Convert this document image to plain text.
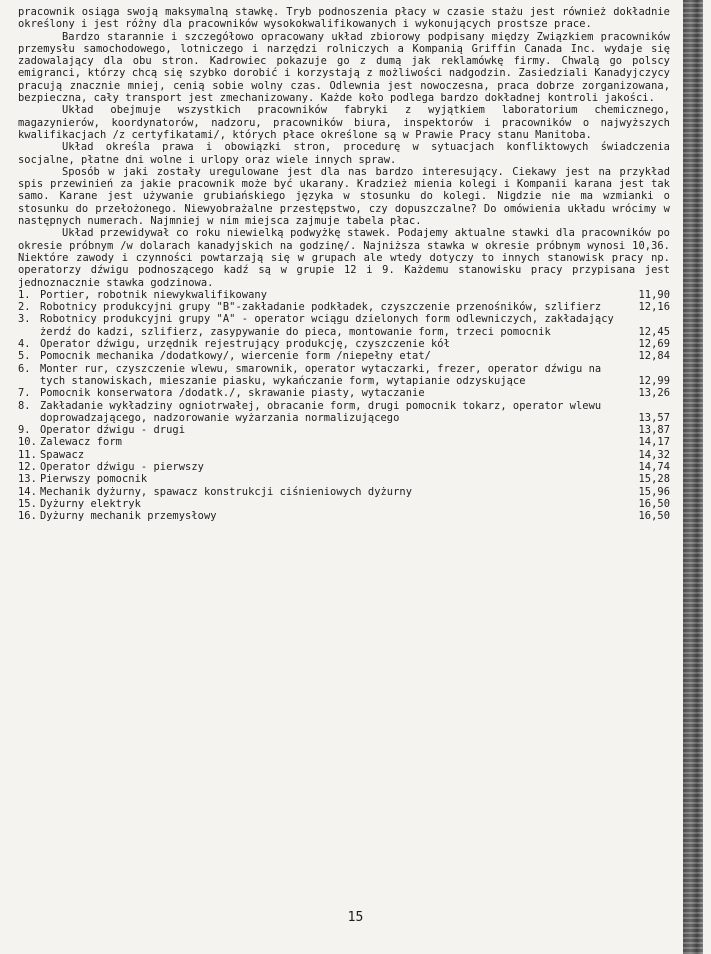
pracownik osiąga swoją maksymalną stawkę. Tryb podnoszenia płacy w czasie stażu jest również dokładnie określony i jest różny dla pracowników wysokokwalifikowanych i wykonujących prostsze prace.

Bardzo starannie i szczegółowo opracowany układ zbiorowy podpisany między Związkiem pracowników przemysłu samochodowego, lotniczego i narzędzi rolniczych a Kompanią Griffin Canada Inc. wydaje się zadowalający dla obu stron. Kadrowiec pokazuje go z dumą jak reklamówkę firmy. Chwalą go polscy emigranci, którzy chcą się szybko dorobić i korzystają z możliwości nadgodzin. Zasiedziali Kanadyjczycy pracują znacznie mniej, cenią sobie wolny czas. Odlewnia jest nowoczesna, praca dobrze zorganizowana, bezpieczna, cały transport jest zmechanizowany. Każde koło podlega bardzo dokładnej kontroli jakości.

Układ obejmuje wszystkich pracowników fabryki z wyjątkiem laboratorium chemicznego, magazynierów, koordynatorów, nadzoru, pracowników biura, inspektorów i pracowników o najwyższych kwalifikacjach /z certyfikatami/, których płace określone są w Prawie Pracy stanu Manitoba.

Układ określa prawa i obowiązki stron, procedurę w sytuacjach konfliktowych świadczenia socjalne, płatne dni wolne i urlopy oraz wiele innych spraw.

Sposób w jaki zostały uregulowane jest dla nas bardzo interesujący. Ciekawy jest na przykład spis przewinień za jakie pracownik może być ukarany. Kradzież mienia kolegi i Kompanii karana jest tak samo. Karane jest używanie grubiańskiego języka w stosunku do kolegi. Nigdzie nie ma wzmianki o stosunku do przełożonego. Niewyobrażalne przestępstwo, czy dopuszczalne? Do omówienia układu wrócimy w następnych numerach. Najmniej w nim miejsca zajmuje tabela płac.

Układ przewidywał co roku niewielką podwyżkę stawek. Podajemy aktualne stawki dla pracowników po okresie próbnym /w dolarach kanadyjskich na godzinę/. Najniższa stawka w okresie próbnym wynosi 10,36. Niektóre zawody i czynności powtarzają się w grupach ale wtedy dotyczy to innych stanowisk pracy np. operatorzy dźwigu podnoszącego kadź są w grupie 12 i 9. Każdemu stanowisku pracy przypisana jest jednoznacznie stawka godzinowa.

1. Portier, robotnik niewykwalifikowany	11,90
2. Robotnicy produkcyjni grupy "B"-zakładanie podkładek, czyszczenie przenośników, szlifierz	12,16
3. Robotnicy produkcyjni grupy "A" - operator wciągu dzielonych form odlewniczych, zakładający żerdź do kadzi, szlifierz, zasypywanie do pieca, montowanie form, trzeci pomocnik	12,45
4. Operator dźwigu, urzędnik rejestrujący produkcję, czyszczenie kół	12,69
5. Pomocnik mechanika /dodatkowy/, wiercenie form /niepełny etat/	12,84
6. Monter rur, czyszczenie wlewu, smarownik, operator wytaczarki, frezer, operator dźwigu na tych stanowiskach, mieszanie piasku, wykańczanie form, wytapianie odzyskujące	12,99
7. Pomocnik konserwatora /dodatk./, skrawanie piasty, wytaczanie	13,26
8. Zakładanie wykładziny ogniotrwałej, obracanie form, drugi pomocnik tokarz, operator wlewu doprowadzającego, nadzorowanie wyżarzania normalizującego	13,57
9. Operator dźwigu - drugi	13,87
10. Zalewacz form	14,17
11. Spawacz	14,32
12. Operator dźwigu - pierwszy	14,74
13. Pierwszy pomocnik	15,28
14. Mechanik dyżurny, spawacz konstrukcji ciśnieniowych dyżurny	15,96
15. Dyżurny elektryk	16,50
16. Dyżurny mechanik przemysłowy	16,50
15
